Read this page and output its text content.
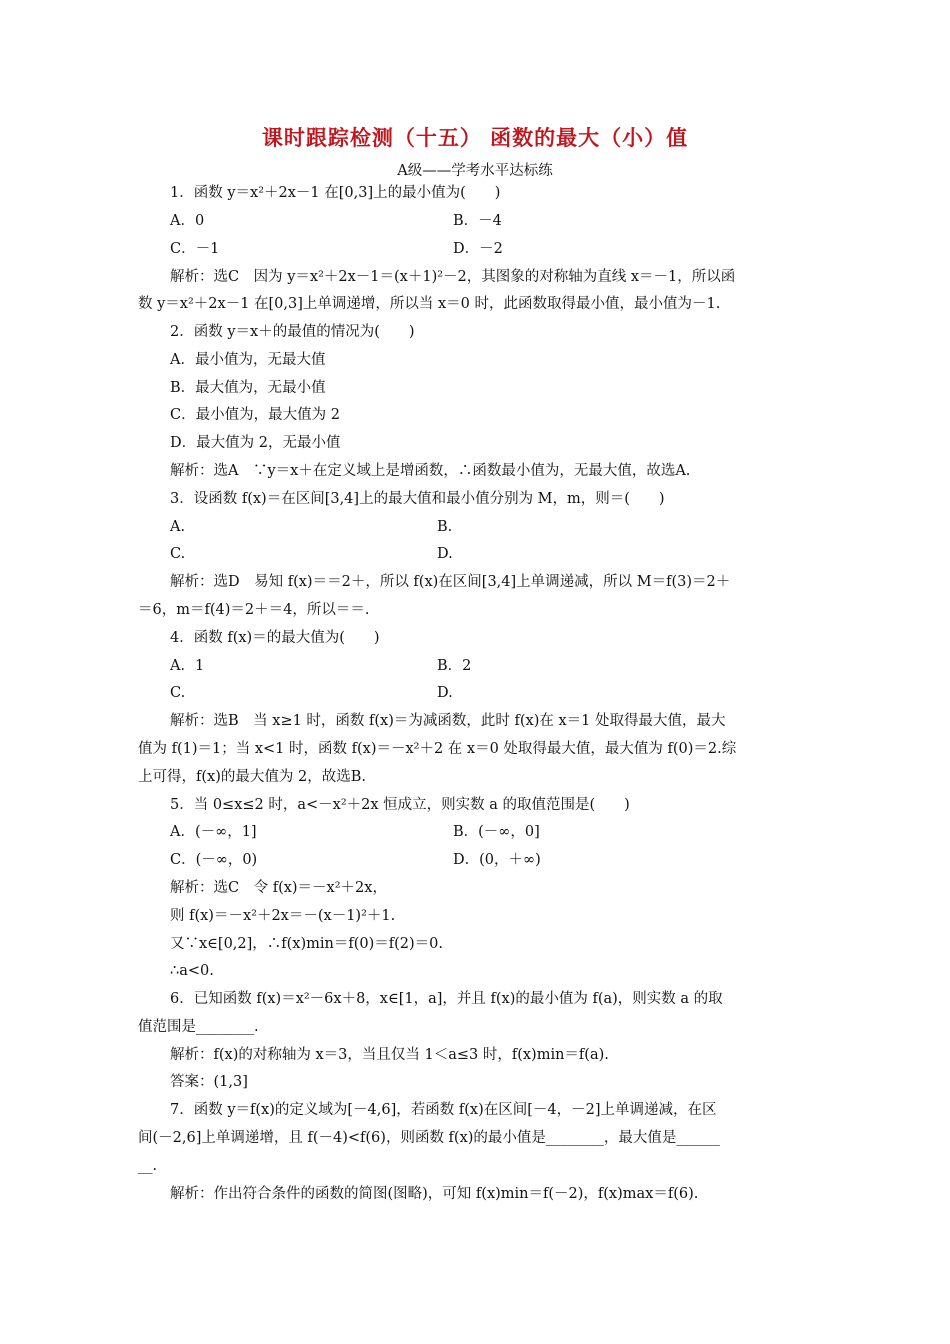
课时跟踪检测（十五） 函数的最大（小）值
A级——学考水平达标练
1．函数 y＝x²＋2x－1 在[0,3]上的最小值为(　　)
A．0	B．－4
C．－1	D．－2
解析：选C　因为 y＝x²＋2x－1＝(x＋1)²－2，其图象的对称轴为直线 x＝－1，所以函
数 y＝x²＋2x－1 在[0,3]上单调递增，所以当 x＝0 时，此函数取得最小值，最小值为－1.
2．函数 y＝x＋的最值的情况为(　　)
A．最小值为，无最大值
B．最大值为，无最小值
C．最小值为，最大值为 2
D．最大值为 2，无最小值
解析：选A　∵y＝x＋在定义域上是增函数，∴函数最小值为，无最大值，故选A.
3．设函数 f(x)＝在区间[3,4]上的最大值和最小值分别为 M，m，则＝(　　)
A.	B.
C.	D.
解析：选D　易知 f(x)＝＝2＋，所以 f(x)在区间[3,4]上单调递减，所以 M＝f(3)＝2＋
＝6，m＝f(4)＝2＋＝4，所以＝＝.
4．函数 f(x)＝的最大值为(　　)
A．1	B．2
C.	D.
解析：选B　当 x≥1 时，函数 f(x)＝为减函数，此时 f(x)在 x＝1 处取得最大值，最大
值为 f(1)＝1；当 x<1 时，函数 f(x)＝－x²＋2 在 x＝0 处取得最大值，最大值为 f(0)＝2.综
上可得，f(x)的最大值为 2，故选B.
5．当 0≤x≤2 时，a<－x²＋2x 恒成立，则实数 a 的取值范围是(　　)
A．(－∞，1]	B．(－∞，0]
C．(－∞，0)	D．(0，＋∞)
解析：选C　令 f(x)＝－x²＋2x，
则 f(x)＝－x²＋2x＝－(x－1)²＋1.
又∵x∈[0,2]，∴f(x)min＝f(0)＝f(2)＝0.
∴a<0.
6．已知函数 f(x)＝x²－6x＋8，x∈[1，a]，并且 f(x)的最小值为 f(a)，则实数 a 的取
值范围是________.
解析：f(x)的对称轴为 x＝3，当且仅当 1＜a≤3 时，f(x)min＝f(a).
答案：(1,3]
7．函数 y＝f(x)的定义域为[－4,6]，若函数 f(x)在区间[－4，－2]上单调递减，在区
间(－2,6]上单调递增，且 f(－4)<f(6)，则函数 f(x)的最小值是________，最大值是______
__.
解析：作出符合条件的函数的简图(图略)，可知 f(x)min＝f(－2)，f(x)max＝f(6).
